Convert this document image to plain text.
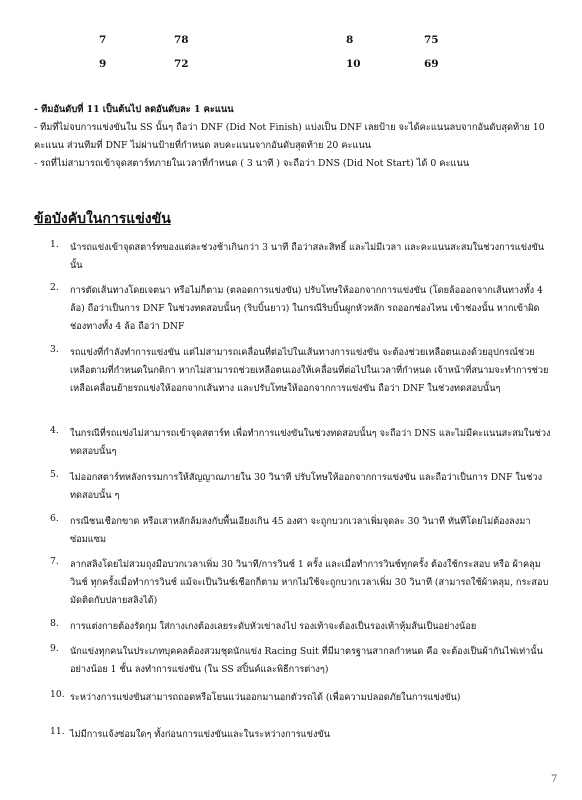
7	78	8	75
9	72	10	69

- ทีมอันดับที่ 11 เป็นต้นไป ลดอันดับละ 1 คะแนน

- ทีมที่ไม่จบการแข่งขันใน SS นั้นๆ ถือว่า DNF (Did Not Finish) แบ่งเป็น DNF เลยป้าย จะได้คะแนนลบจากอันดับสุดท้าย 10 คะแนน ส่วนทีมที่ DNF ไม่ผ่านป้ายที่กำหนด ลบคะแนนจากอันดับสุดท้าย 20 คะแนน

- รถที่ไม่สามารถเข้าจุดสตาร์ทภายในเวลาที่กำหนด ( 3 นาที ) จะถือว่า DNS (Did Not Start) ได้ 0 คะแนน

ข้อบังคับในการแข่งขัน
1. นำรถแข่งเข้าจุดสตาร์ทของแต่ละช่วงช้าเกินกว่า 3 นาที ถือว่าสละสิทธิ์ และไม่มีเวลา และคะแนนสะสมในช่วงการแข่งขันนั้น
2. การตัดเส้นทางโดยเจตนา หรือไม่ก็ตาม (ตลอดการแข่งขัน) ปรับโทษให้ออกจากการแข่งขัน (โดยล้อออกจากเส้นทางทั้ง 4 ล้อ) ถือว่าเป็นการ DNF ในช่วงทดสอบนั้นๆ (ริบบิ้นยาว) ในกรณีริบบิ้นผูกหัวหลัก รถออกช่องไหน เข้าช่องนั้น หากเข้าผิดช่องทางทั้ง 4 ล้อ ถือว่า DNF
3. รถแข่งที่กำลังทำการแข่งขัน แต่ไม่สามารถเคลื่อนที่ต่อไปในเส้นทางการแข่งขัน จะต้องช่วยเหลือตนเองด้วยอุปกรณ์ช่วยเหลือตามที่กำหนดในกติกา หากไม่สามารถช่วยเหลือตนเองให้เคลื่อนที่ต่อไปในเวลาที่กำหนด เจ้าหน้าที่สนามจะทำการช่วยเหลือเคลื่อนย้ายรถแข่งให้ออกจากเส้นทาง และปรับโทษให้ออกจากการแข่งขัน ถือว่า DNF ในช่วงทดสอบนั้นๆ
4. ในกรณีที่รถแข่งไม่สามารถเข้าจุดสตาร์ท เพื่อทำการแข่งขันในช่วงทดสอบนั้นๆ จะถือว่า DNS และไม่มีคะแนนสะสมในช่วงทดสอบนั้นๆ
5. ไม่ออกสตาร์ทหลังกรรมการให้สัญญาณภายใน 30 วินาที ปรับโทษให้ออกจากการแข่งขัน และถือว่าเป็นการ DNF ในช่วงทดสอบนั้น ๆ
6. กรณีชนเชือกขาด หรือเสาหลักล้มลงกับพื้นเอียงเกิน 45 องศา จะถูกบวกเวลาเพิ่มจุดละ 30 วินาที ทันทีโดยไม่ต้องลงมาซ่อมแซม
7. ลากสลิงโดยไม่สวมถุงมือบวกเวลาเพิ่ม 30 วินาที/การวินช์ 1 ครั้ง และเมื่อทำการวินช์ทุกครั้ง ต้องใช้กระสอบ หรือ ผ้าคลุมวินช์ ทุกครั้งเมื่อทำการวินช์ แม้จะเป็นวินช์เชือกก็ตาม หากไม่ใช้จะถูกบวกเวลาเพิ่ม 30 วินาที (สามารถใช้ผ้าคลุม, กระสอบ มัดติดกับปลายสลิงได้)
8. การแต่งกายต้องรัดกุม ใส่กางเกงต้องเลยระดับหัวเข่าลงไป รองเท้าจะต้องเป็นรองเท้าหุ้มส้นเป็นอย่างน้อย
9. นักแข่งทุกคนในประเภทบุคคลต้องสวมชุดนักแข่ง Racing Suit ที่มีมาตรฐานสากลกำหนด คือ จะต้องเป็นผ้ากันไฟเท่านั้นอย่างน้อย 1 ชั้น ลงทำการแข่งขัน (ใน SS สปิ้นค์และพิธีการต่างๆ)
10. ระหว่างการแข่งขันสามารถถอดหรือโยนแว่นออกมานอกตัวรถได้ (เพื่อความปลอดภัยในการแข่งขัน)
11. ไม่มีการแจ้งซ่อมใดๆ ทั้งก่อนการแข่งขันและในระหว่างการแข่งขัน
7
